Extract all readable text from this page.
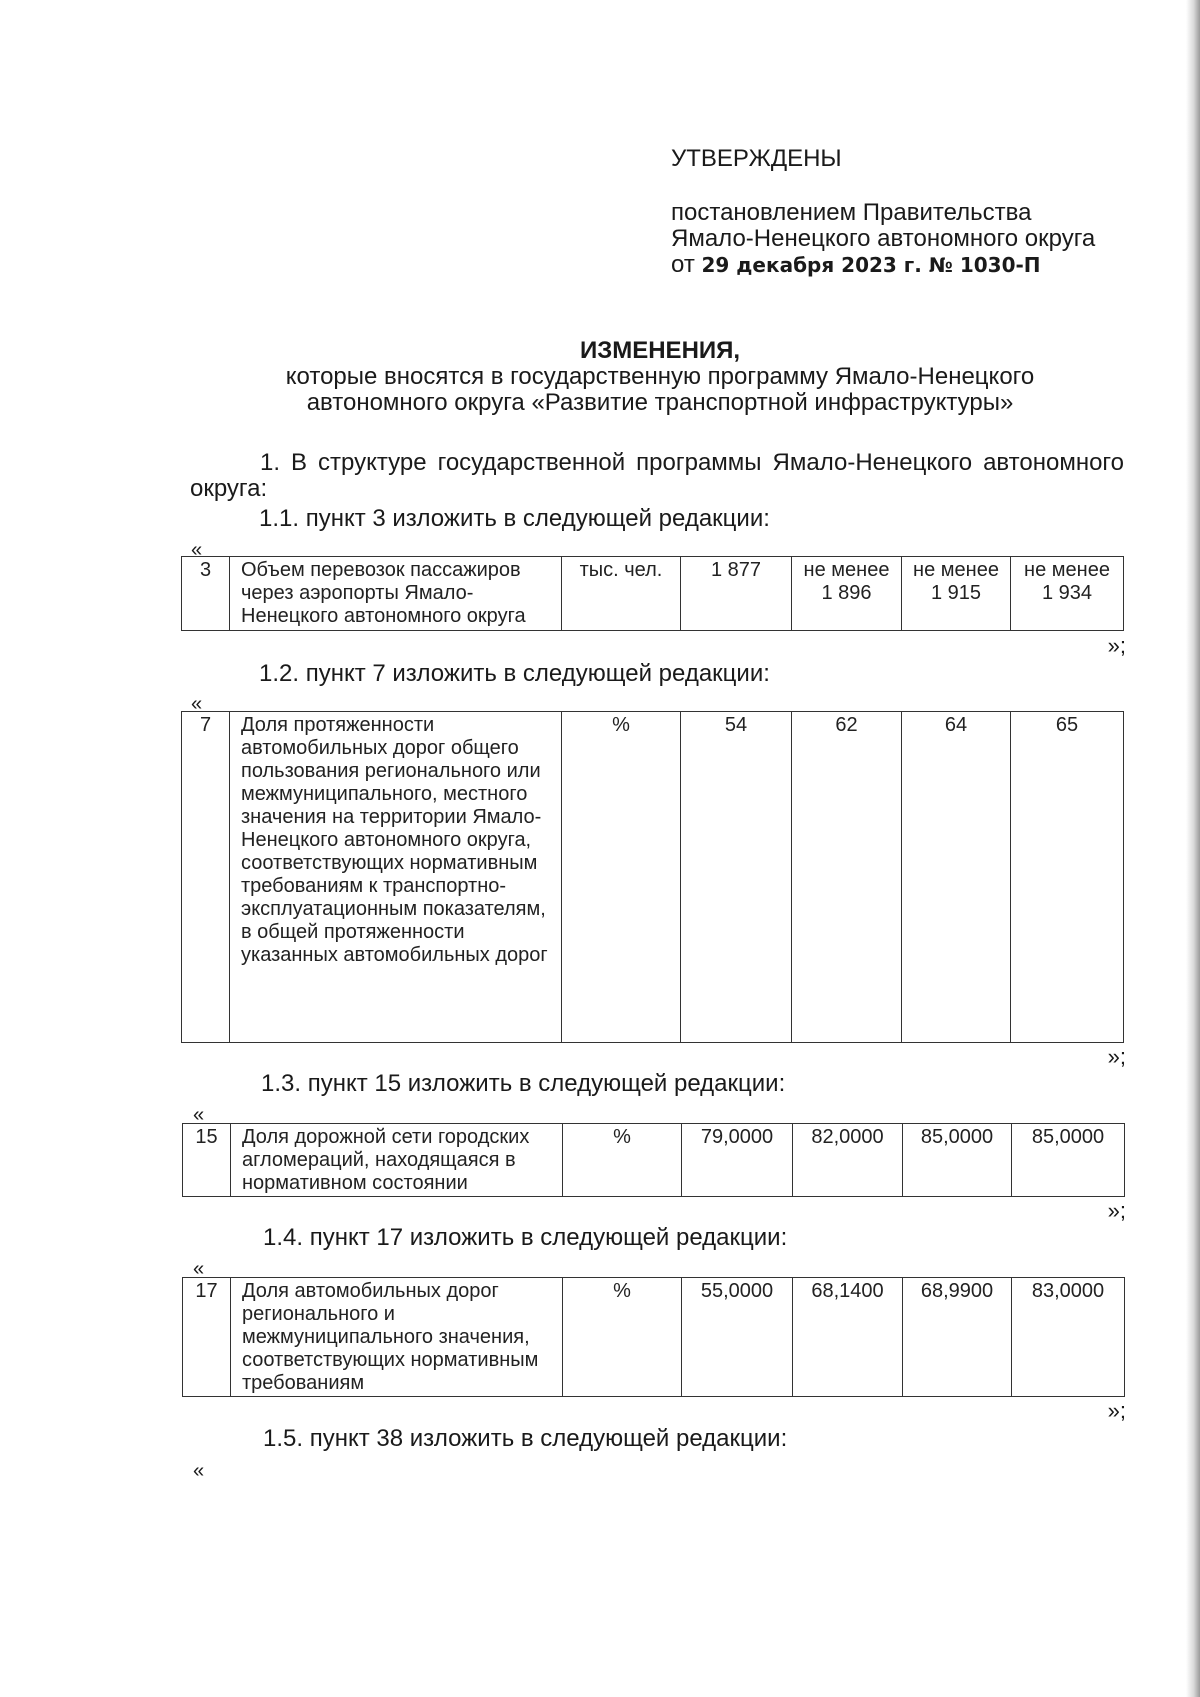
УТВЕРЖДЕНЫ
постановлением Правительства
Ямало-Ненецкого автономного округа
от 29 декабря 2023 г. № 1030-П
ИЗМЕНЕНИЯ,
которые вносятся в государственную программу Ямало-Ненецкого
автономного округа «Развитие транспортной инфраструктуры»
1. В структуре государственной программы Ямало-Ненецкого автономного округа:
1.1. пункт 3 изложить в следующей редакции:
«
3	Объем перевозок пассажиров через аэропорты Ямало-Ненецкого автономного округа	тыс. чел.	1 877	не менее 1 896	не менее 1 915	не менее 1 934
»;
1.2. пункт 7 изложить в следующей редакции:
«
7	Доля протяженности автомобильных дорог общего пользования регионального или межмуниципального, местного значения на территории Ямало-Ненецкого автономного округа, соответствующих нормативным требованиям к транспортно-эксплуатационным показателям, в общей протяженности указанных автомобильных дорог	%	54	62	64	65
»;
1.3. пункт 15 изложить в следующей редакции:
«
15	Доля дорожной сети городских агломераций, находящаяся в нормативном состоянии	%	79,0000	82,0000	85,0000	85,0000
»;
1.4. пункт 17 изложить в следующей редакции:
«
17	Доля автомобильных дорог регионального и межмуниципального значения, соответствующих нормативным требованиям	%	55,0000	68,1400	68,9900	83,0000
»;
1.5. пункт 38 изложить в следующей редакции:
«
